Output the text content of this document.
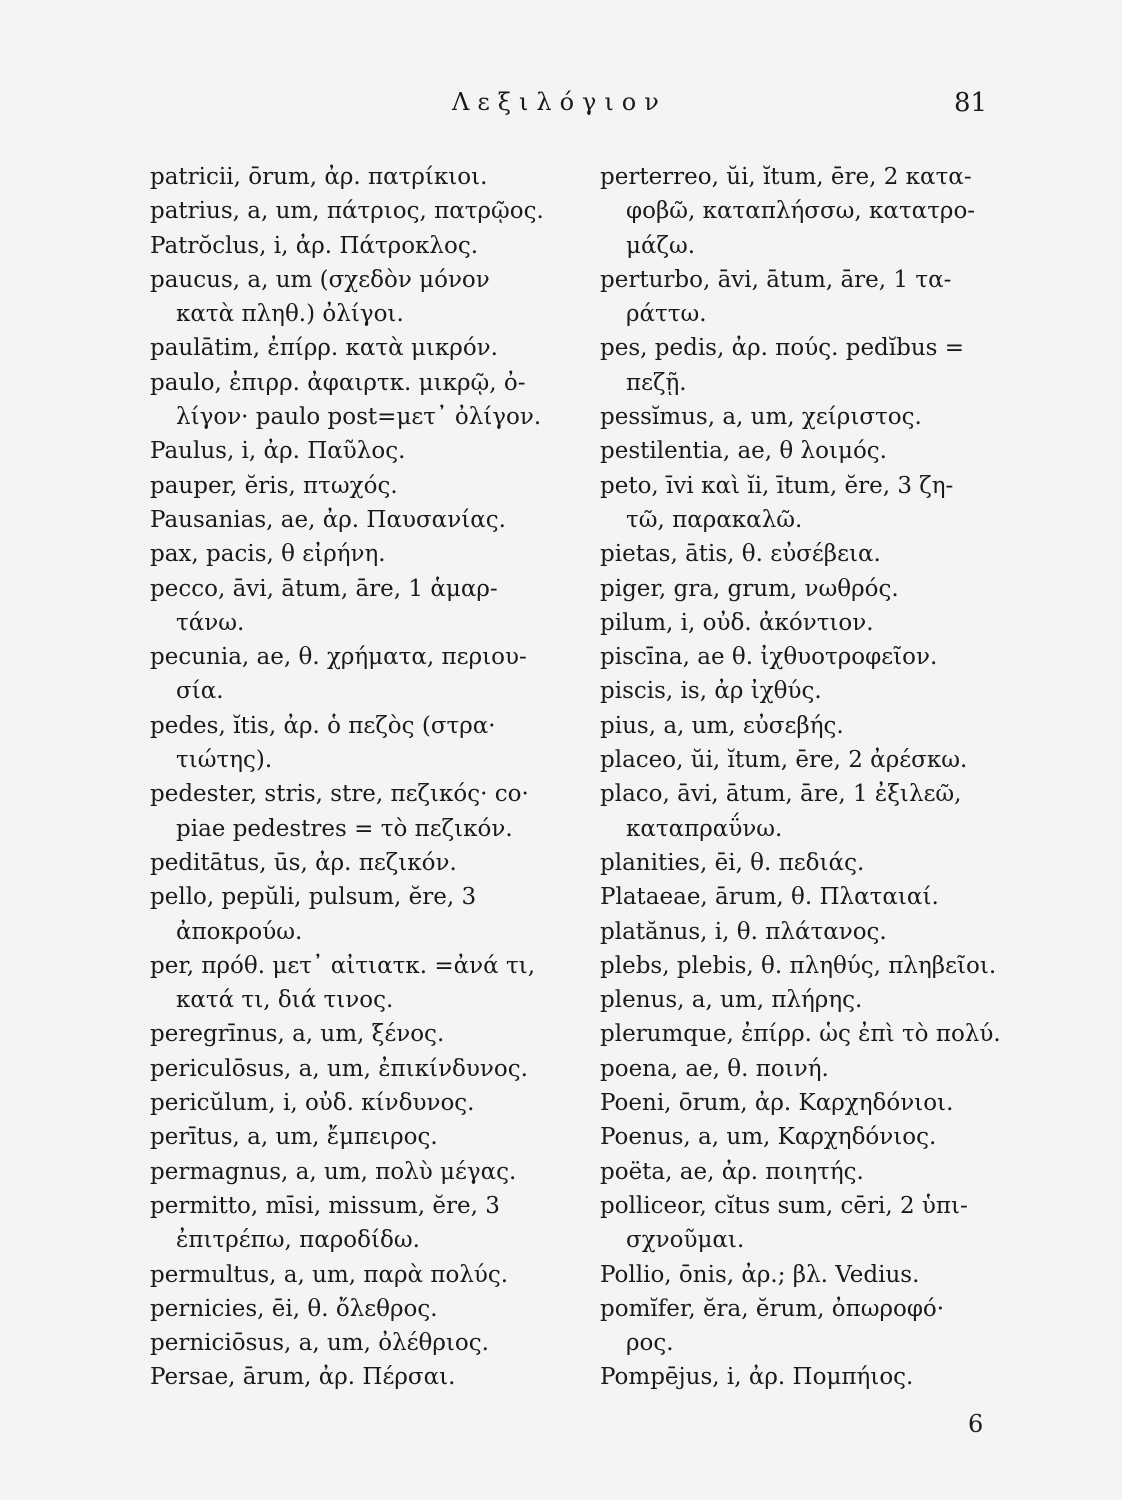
Λεξιλόγιον	81
patricii, ōrum, ἀρ. πατρίκιοι.
patrius, a, um, πάτριος, πατρῷος.
Patrŏclus, i, ἀρ. Πάτροκλος.
paucus, a, um (σχεδὸν μόνον
κατὰ πληθ.) ὀλίγοι.
paulātim, ἐπίρρ. κατὰ μικρόν.
paulo, ἐπιρρ. ἀφαιρτκ. μικρῷ, ὀ-
λίγον· paulo post=μετ᾽ ὀλίγον.
Paulus, i, ἀρ. Παῦλος.
pauper, ĕris, πτωχός.
Pausanias, ae, ἀρ. Παυσανίας.
pax, pacis, θ εἰρήνη.
pecco, āvi, ātum, āre, 1 ἁμαρ-
τάνω.
pecunia, ae, θ. χρήματα, περιου-
σία.
pedes, ĭtis, ἀρ. ὁ πεζὸς (στρα·
τιώτης).
pedester, stris, stre, πεζικός· co·
piae pedestres = τὸ πεζικόν.
peditātus, ūs, ἀρ. πεζικόν.
pello, pepŭli, pulsum, ĕre, 3
ἀποκρούω.
per, πρόθ. μετ᾽ αἰτιατκ. =ἀνά τι,
κατά τι, διά τινος.
peregrīnus, a, um, ξένος.
periculōsus, a, um, ἐπικίνδυνος.
pericŭlum, i, οὐδ. κίνδυνος.
perītus, a, um, ἔμπειρος.
permagnus, a, um, πολὺ μέγας.
permitto, mīsi, missum, ĕre, 3
ἐπιτρέπω, παροδίδω.
permultus, a, um, παρὰ πολύς.
pernicies, ēi, θ. ὄλεθρος.
perniciōsus, a, um, ὀλέθριος.
Persae, ārum, ἀρ. Πέρσαι.
perterreo, ŭi, ĭtum, ēre, 2 κατα-
φοβῶ, καταπλήσσω, κατατρο-
μάζω.
perturbo, āvi, ātum, āre, 1 τα-
ράττω.
pes, pedis, ἀρ. πούς. pedĭbus =
πεζῇ.
pessĭmus, a, um, χείριστος.
pestilentia, ae, θ λοιμός.
peto, īvi καὶ ĭi, ītum, ĕre, 3 ζη-
τῶ, παρακαλῶ.
pietas, ātis, θ. εὐσέβεια.
piger, gra, grum, νωθρός.
pilum, i, οὐδ. ἀκόντιον.
piscīna, ae θ. ἰχθυοτροφεῖον.
piscis, is, ἀρ ἰχθύς.
pius, a, um, εὐσεβής.
placeo, ŭi, ĭtum, ēre, 2 ἀρέσκω.
placo, āvi, ātum, āre, 1 ἐξιλεῶ,
καταπραΰνω.
planities, ēi, θ. πεδιάς.
Plataeae, ārum, θ. Πλαταιαί.
platănus, i, θ. πλάτανος.
plebs, plebis, θ. πληθύς, πληβεῖοι.
plenus, a, um, πλήρης.
plerumque, ἐπίρρ. ὡς ἐπὶ τὸ πολύ.
poena, ae, θ. ποινή.
Poeni, ōrum, ἀρ. Καρχηδόνιοι.
Poenus, a, um, Καρχηδόνιος.
poëta, ae, ἀρ. ποιητής.
polliceor, cĭtus sum, cēri, 2 ὑπι-
σχνοῦμαι.
Pollio, ōnis, ἀρ.; βλ. Vedius.
pomĭfer, ĕra, ĕrum, ὀπωροφό·
ρος.
Pompējus, i, ἀρ. Πομπήιος.
6
